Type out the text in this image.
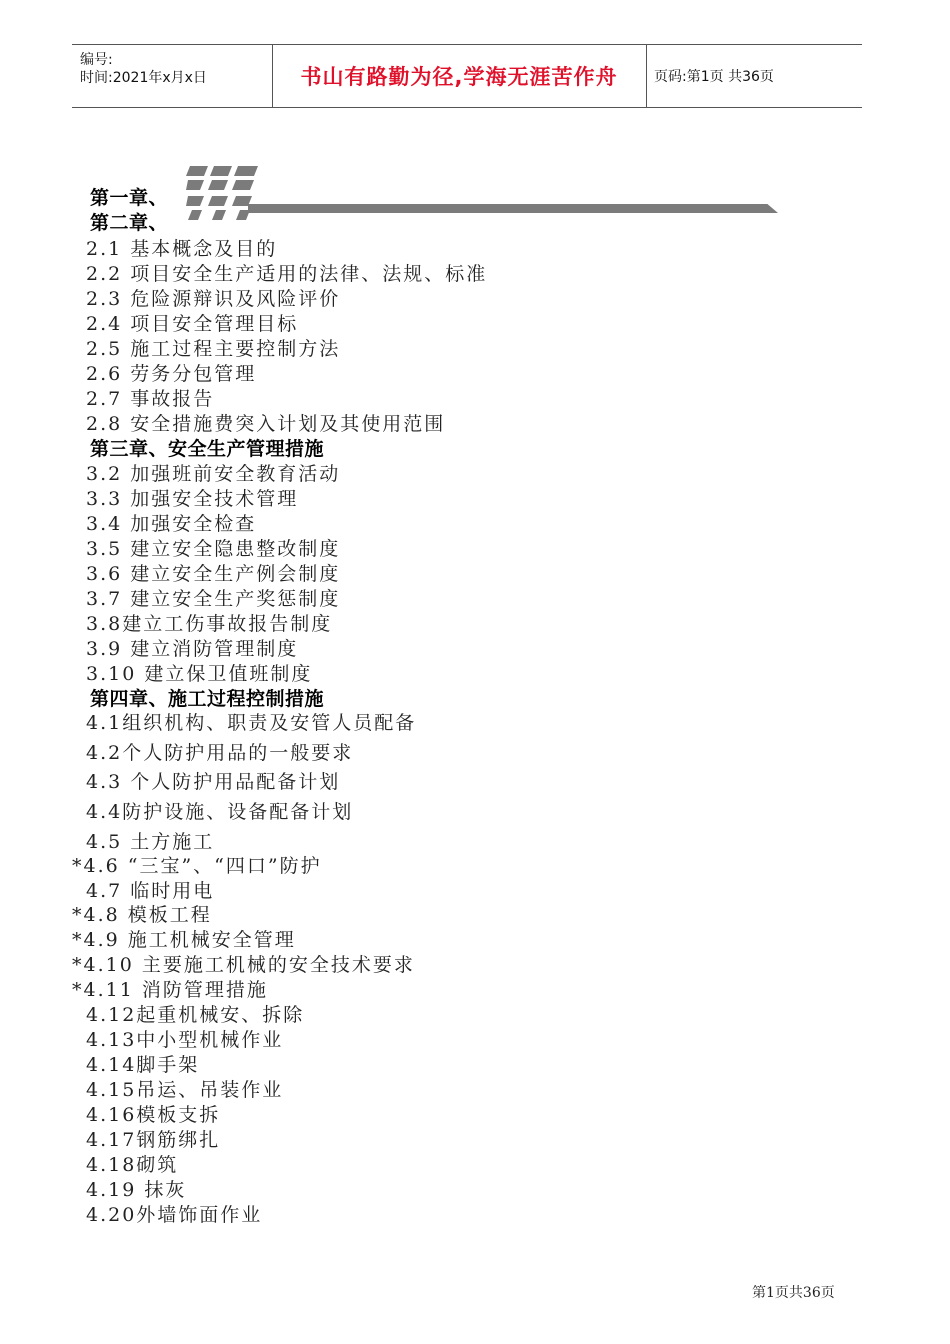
编号:
时间:2021年x月x日	书山有路勤为径,学海无涯苦作舟	页码:第1页 共36页
第一章、
第二章、
2.1 基本概念及目的
2.2 项目安全生产适用的法律、法规、标准
2.3 危险源辩识及风险评价
2.4 项目安全管理目标
2.5 施工过程主要控制方法
2.6 劳务分包管理
2.7 事故报告
2.8 安全措施费突入计划及其使用范围
第三章、安全生产管理措施
3.2 加强班前安全教育活动
3.3 加强安全技术管理
3.4 加强安全检查
3.5 建立安全隐患整改制度
3.6 建立安全生产例会制度
3.7 建立安全生产奖惩制度
3.8建立工伤事故报告制度
3.9 建立消防管理制度
3.10 建立保卫值班制度
第四章、施工过程控制措施
4.1组织机构、职责及安管人员配备
4.2个人防护用品的一般要求
4.3 个人防护用品配备计划
4.4防护设施、设备配备计划
4.5 土方施工
*4.6 “三宝”、“四口”防护
4.7 临时用电
*4.8 模板工程
*4.9 施工机械安全管理
*4.10 主要施工机械的安全技术要求
*4.11 消防管理措施
4.12起重机械安、拆除
4.13中小型机械作业
4.14脚手架
4.15吊运、吊装作业
4.16模板支拆
4.17钢筋绑扎
4.18砌筑
4.19 抹灰
4.20外墙饰面作业
第1页共36页
